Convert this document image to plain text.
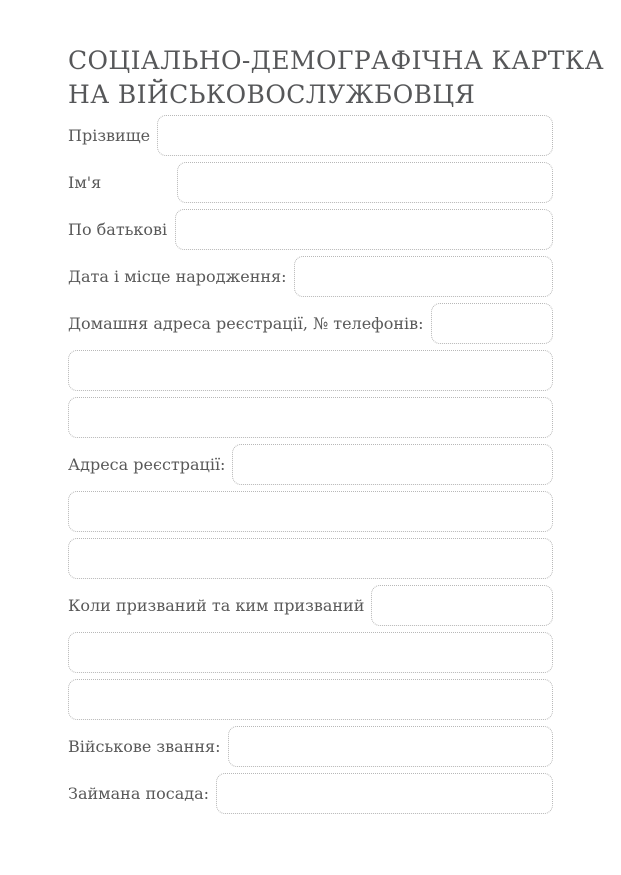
СОЦІАЛЬНО-ДЕМОГРАФІЧНА КАРТКА
НА ВІЙСЬКОВОСЛУЖБОВЦЯ
Прізвище
Ім'я
По батькові
Дата і місце народження:
Домашня адреса реєстрації, № телефонів:
Адреса реєстрації:
Коли призваний та ким призваний
Військове звання:
Займана посада:
